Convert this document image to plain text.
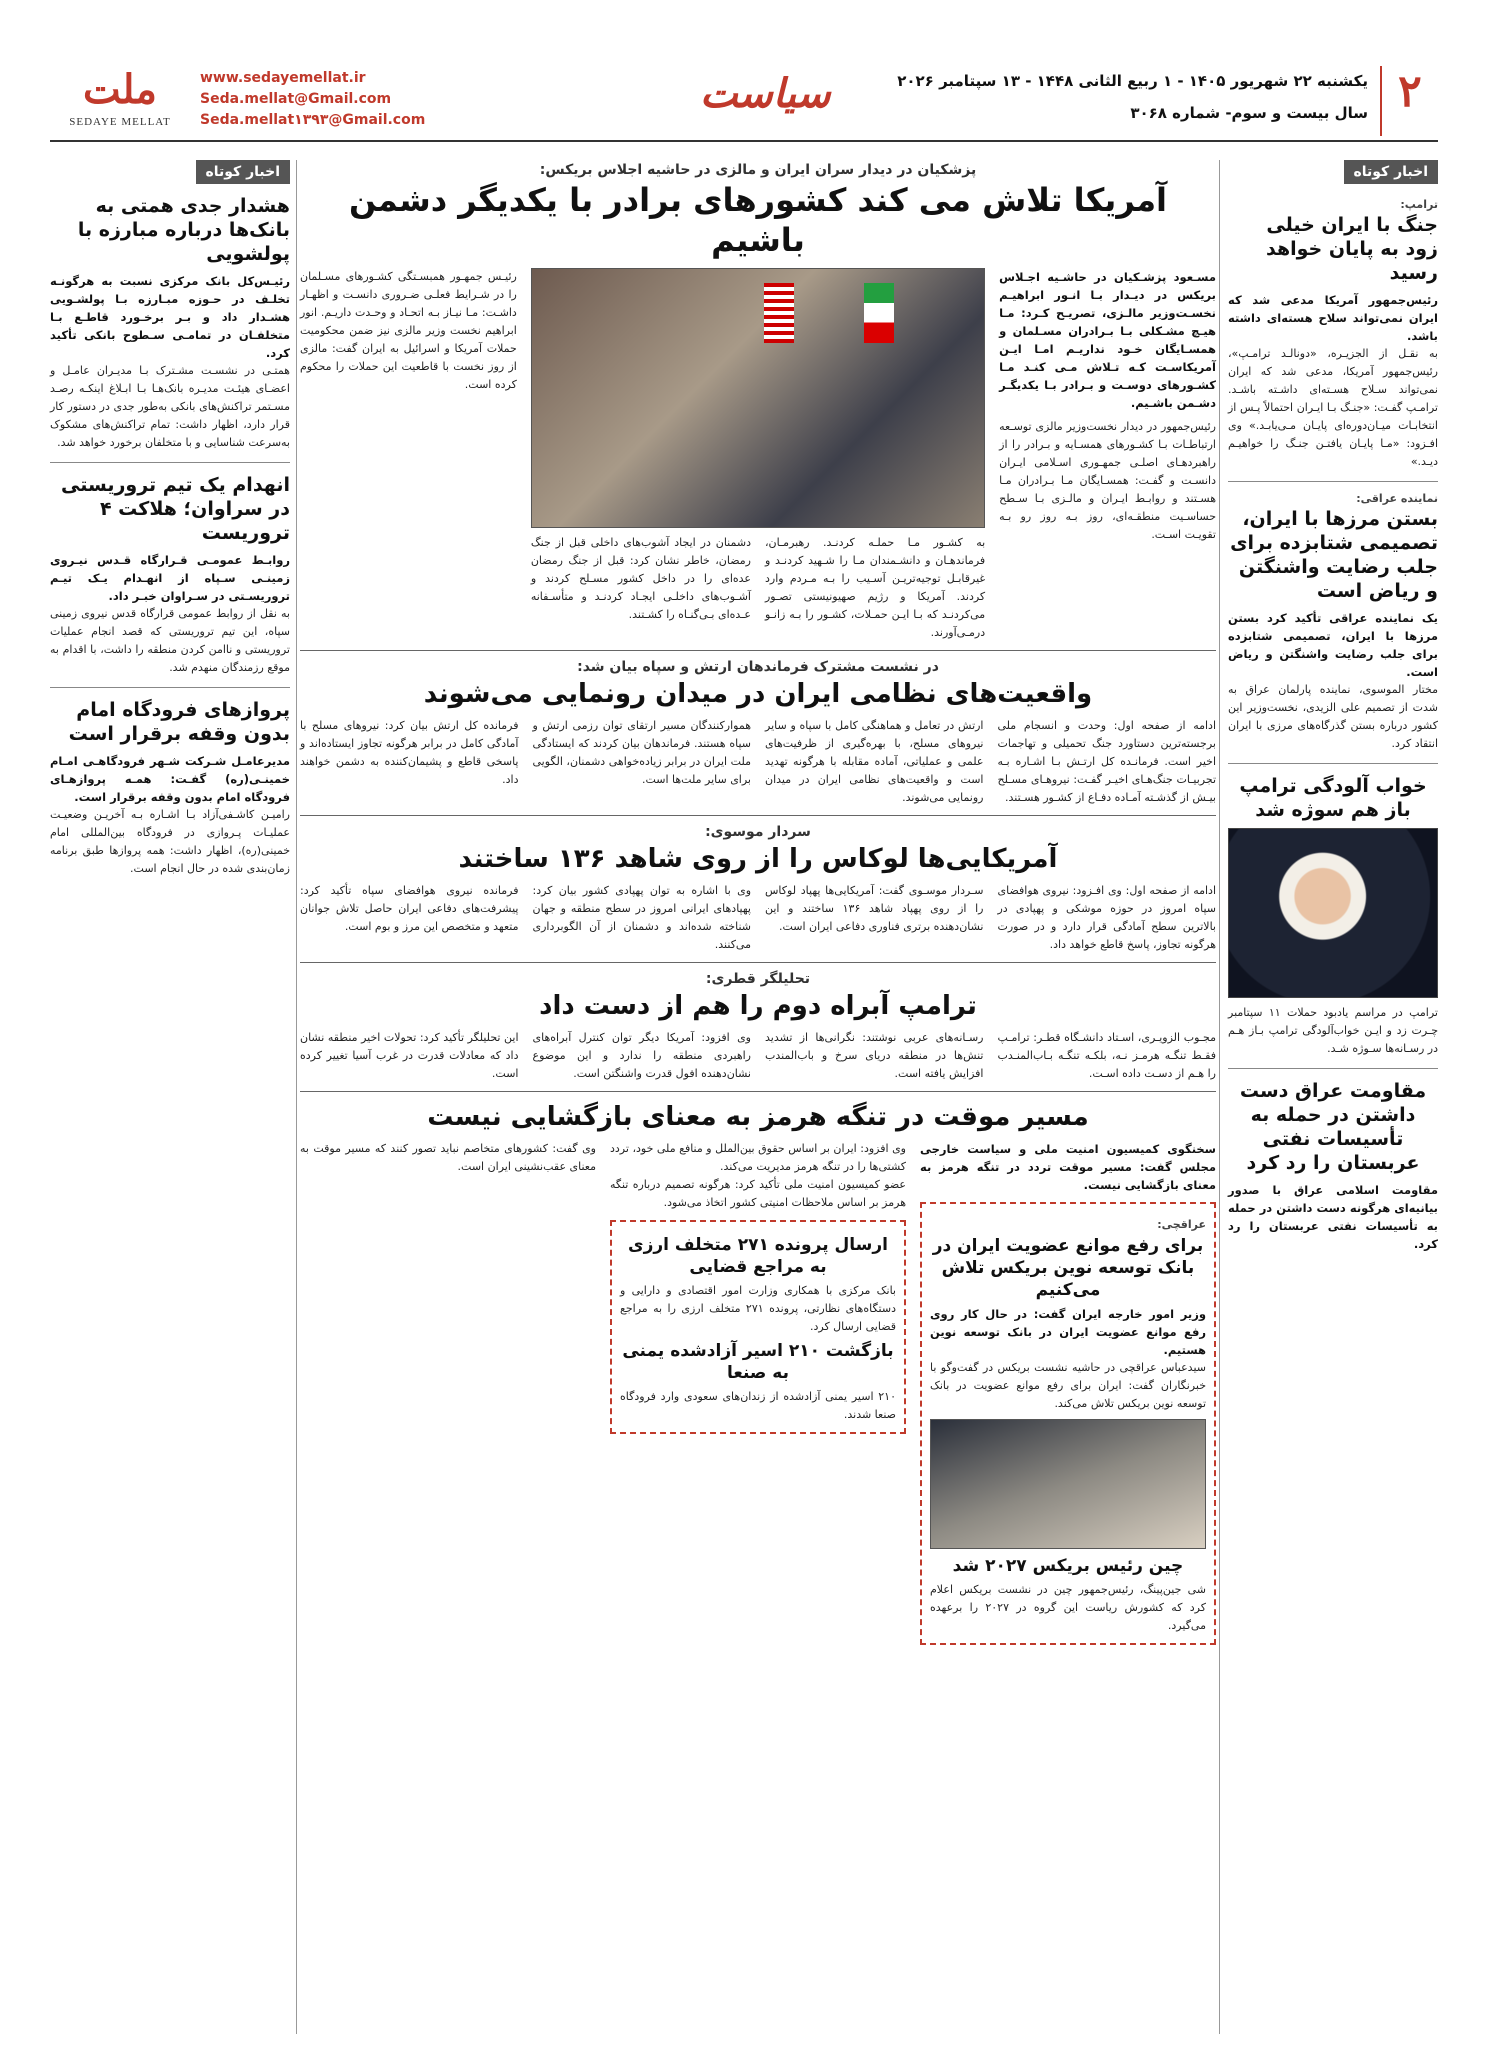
۲
یکشنبه ۲۲ شهریور ۱۴۰۵ - ۱ ربیع الثانی ۱۴۴۸ - ۱۳ سپتامبر ۲۰۲۶
سال بیست و سوم- شماره ۳۰۶۸
سیاست
www.sedayemellat.ir
Seda.mellat@Gmail.com
Seda.mellat۱۳۹۳@Gmail.com
ملت
SEDAYE MELLAT
اخبار کوتاه
ترامپ:
جنگ با ایران خیلی زود به پایان خواهد رسید
رئیس‌جمهور آمریکا مدعی شد که ایران نمی‌تواند سلاح هسته‌ای داشته باشد.
به نقـل از الجزیـره، «دونالـد ترامـپ»، رئیس‌جمهور آمریکا، مدعی شد که ایران نمی‌تواند سـلاح هسـته‌ای داشـته باشـد. ترامـپ گفـت: «جنـگ بـا ایـران احتمالاً پـس از انتخابـات میـان‌دوره‌ای پایـان مـی‌یابـد.» وی افـزود: «مـا پایـان یافتـن جنـگ را خواهیـم دیـد.»
نماینده عراقی:
بستن مرزها با ایران، تصمیمی شتابزده برای جلب رضایت واشنگتن و ریاض است
یک نماینده عراقی تأکید کرد بستن مرزها با ایران، تصمیمی شتابزده برای جلب رضایت واشنگتن و ریاض است.
مختار الموسوی، نماینده پارلمان عراق به شدت از تصمیم علی الزیدی، نخست‌وزیر این کشور درباره بستن گذرگاه‌های مرزی با ایران انتقاد کرد.
خواب آلودگی ترامپ باز هم سوژه شد
ترامپ در مراسم یادبود حملات ۱۱ سپتامبر چـرت زد و ایـن خواب‌آلودگی ترامپ بـاز هـم در رسـانه‌ها سـوژه شـد.
مقاومت عراق دست داشتن در حمله به تأسیسات نفتی عربستان را رد کرد
مقاومت اسلامی عراق با صدور بیانیه‌ای هرگونه دست داشتن در حمله به تأسیسات نفتی عربستان را رد کرد.
اخبار کوتاه
هشدار جدی همتی به بانک‌ها درباره مبارزه با پولشویی
رئیـس‌کل بانک مرکزی نسبت به هرگونـه تخلـف در حـوزه مبـارزه بـا پولشـویی هشـدار داد و بـر برخـورد قاطـع بـا متخلفـان در تمامـی سـطوح بانکی تأکید کرد.
همتـی در نشسـت مشـترک بـا مدیـران عامـل و اعضـای هیئـت مدیـره بانک‌هـا بـا ابـلاغ اینکـه رصـد مسـتمر تراکنش‌های بانکی به‌طور جدی در دستور کار قرار دارد، اظهار داشت: تمام تراکنش‌های مشکوک به‌سرعت شناسایی و با متخلفان برخورد خواهد شد.
انهدام یک تیم تروریستی در سراوان؛ هلاکت ۴ تروریست
روابـط عمومـی قـرارگاه قـدس نیـروی زمینـی سـپاه از انهـدام یـک تیـم تروریسـتی در سـراوان خبـر داد.
به نقل از روابط عمومی قرارگاه قدس نیروی زمینی سپاه، این تیم تروریستی که قصد انجام عملیات تروریستی و ناامن کردن منطقه را داشت، با اقدام به موقع رزمندگان منهدم شد.
پروازهای فرودگاه امام بدون وقفه برقرار است
مدیرعامـل شـرکت شـهر فرودگاهـی امـام خمینـی(ره) گفـت: همـه پروازهـای فرودگاه امام بدون وقفه برقرار است.
رامیـن کاشـفی‌آزاد بـا اشـاره بـه آخریـن وضعیـت عملیـات پـروازی در فرودگاه بین‌المللی امام خمینی(ره)، اظهار داشت: همه پروازها طبق برنامه زمان‌بندی شده در حال انجام است.
پزشکیان در دیدار سران ایران و مالزی در حاشیه اجلاس بریکس:
آمریکا تلاش می کند کشورهای برادر با یکدیگر دشمن باشیم
مسـعود پزشـکیان در حاشـیه اجـلاس بریکس در دیـدار بـا انـور ابراهیـم نخسـت‌وزیر مالـزی، تصریـح کـرد: مـا هیـچ مشـکلی بـا بـرادران مسـلمان و همسـایگان خـود نداریـم امـا ایـن آمریکاسـت کـه تـلاش مـی کنـد مـا کشـورهای دوسـت و بـرادر بـا یکدیگـر دشـمن باشـیم.
رئیس‌جمهور در دیدار نخست‌وزیر مالزی توسـعه ارتباطـات بـا کشـورهای همسـایه و بـرادر را از راهبردهـای اصلـی جمهـوری اسـلامی ایـران دانسـت و گفـت: همسـایگان مـا بـرادران مـا هسـتند و روابـط ایـران و مالـزی بـا سـطح حساسـیت منطقـه‌ای، روز بـه روز رو بـه تقویـت اسـت.
به کشـور مـا حملـه کردنـد. رهبرمـان، فرماندهـان و دانشـمندان مـا را شـهید کردنـد و غیرقابـل توجیه‌تریـن آسـیب را بـه مـردم وارد کردند. آمریکا و رژیم صهیونیستی تصـور می‌کردنـد که بـا ایـن حمـلات، کشـور را بـه زانـو درمـی‌آورند.
دشمنان در ایجاد آشوب‌های داخلی قبل از جنگ رمضان، خاطر نشان کرد: قبل از جنگ رمضان عده‌ای را در داخل کشور مسـلح کردند و آشـوب‌های داخلـی ایجـاد کردنـد و متأسـفانه عـده‌ای بـی‌گنـاه را کشـتند.
رئیـس جمهـور همبسـتگی کشـورهای مسـلمان را در شـرایط فعلـی ضـروری دانسـت و اظهـار داشـت: مـا نیـاز بـه اتحـاد و وحـدت داریـم. انور ابراهیم نخست وزیر مالزی نیز ضمن محکومیت حملات آمریکا و اسرائیل به ایران گفت: مالزی از روز نخست با قاطعیت این حملات را محکوم کرده است.
در نشست مشترک فرماندهان ارتش و سپاه بیان شد:
واقعیت‌های نظامی ایران در میدان رونمایی می‌شوند
ادامه از صفحه اول: وحدت و انسجام ملی برجسته‌ترین دستاورد جنگ تحمیلی و تهاجمات اخیر است. فرمانـده کل ارتـش بـا اشـاره بـه تجربیـات جنگ‌هـای اخیـر گفـت: نیروهـای مسـلح بیـش از گذشـته آمـاده دفـاع از کشـور هسـتند.
ارتش در تعامل و هماهنگی کامل با سپاه و سایر نیروهای مسلح، با بهره‌گیری از ظرفیت‌های علمی و عملیاتی، آماده مقابله با هرگونه تهدید است و واقعیت‌های نظامی ایران در میدان رونمایی می‌شوند.
هموارکنندگان مسیر ارتقای توان رزمی ارتش و سپاه هستند. فرماندهان بیان کردند که ایستادگی ملت ایران در برابر زیاده‌خواهی دشمنان، الگویی برای سایر ملت‌ها است.
فرمانده کل ارتش بیان کرد: نیروهای مسلح با آمادگی کامل در برابر هرگونه تجاوز ایستاده‌اند و پاسخی قاطع و پشیمان‌کننده به دشمن خواهند داد.
سردار موسوی:
آمریکایی‌ها لوکاس را از روی شاهد ۱۳۶ ساختند
ادامه از صفحه اول: وی افـزود: نیروی هوافضای سپاه امروز در حوزه موشکی و پهپادی در بالاترین سطح آمادگی قرار دارد و در صورت هرگونه تجاوز، پاسخ قاطع خواهد داد.
سـردار موسـوی گفت: آمریکایی‌ها پهپاد لوکاس را از روی پهپاد شاهد ۱۳۶ ساختند و این نشان‌دهنده برتری فناوری دفاعی ایران است.
وی با اشاره به توان پهپادی کشور بیان کرد: پهپادهای ایرانی امروز در سطح منطقه و جهان شناخته شده‌اند و دشمنان از آن الگوبرداری می‌کنند.
فرمانده نیروی هوافضای سپاه تأکید کرد: پیشرفت‌های دفاعی ایران حاصل تلاش جوانان متعهد و متخصص این مرز و بوم است.
تحلیلگر قطری:
ترامپ آبراه دوم را هم از دست داد
مجـوب الزویـری، اسـتاد دانشـگاه قطـر: ترامـپ فقـط تنگـه هرمـز نـه، بلکـه تنگـه بـاب‌المنـدب را هـم از دسـت داده اسـت.
رسـانه‌های عربی نوشتند: نگرانی‌ها از تشدید تنش‌ها در منطقه دریای سرخ و باب‌المندب افزایش یافته است.
وی افزود: آمریکا دیگر توان کنترل آبراه‌های راهبردی منطقه را ندارد و این موضوع نشان‌دهنده افول قدرت واشنگتن است.
این تحلیلگر تأکید کرد: تحولات اخیر منطقه نشان داد که معادلات قدرت در غرب آسیا تغییر کرده است.
مسیر موقت در تنگه هرمز به معنای بازگشایی نیست
سخنگوی کمیسیون امنیت ملی و سیاست خارجی مجلس گفت: مسیر موقت تردد در تنگه هرمز به معنای بازگشایی نیست.
عراقچی:
برای رفع موانع عضویت ایران در بانک توسعه نوین بریکس تلاش می‌کنیم
وزیر امور خارجه ایران گفت: در حال کار روی رفع موانع عضویت ایران در بانک توسعه نوین هستیم.
سیدعباس عراقچی در حاشیه نشست بریکس در گفت‌وگو با خبرنگاران گفت: ایران برای رفع موانع عضویت در بانک توسعه نوین بریکس تلاش می‌کند.
چین رئیس بریکس ۲۰۲۷ شد
شی جین‌پینگ، رئیس‌جمهور چین در نشست بریکس اعلام کرد که کشورش ریاست این گروه در ۲۰۲۷ را برعهده می‌گیرد.
وی افزود: ایران بر اساس حقوق بین‌الملل و منافع ملی خود، تردد کشتی‌ها را در تنگه هرمز مدیریت می‌کند.
عضو کمیسیون امنیت ملی تأکید کرد: هرگونه تصمیم درباره تنگه هرمز بر اساس ملاحظات امنیتی کشور اتخاذ می‌شود.
ارسال پرونده ۲۷۱ متخلف ارزی به مراجع قضایی
بانک مرکزی با همکاری وزارت امور اقتصادی و دارایی و دستگاه‌های نظارتی، پرونده ۲۷۱ متخلف ارزی را به مراجع قضایی ارسال کرد.
بازگشت ۲۱۰ اسیر آزادشده یمنی به صنعا
۲۱۰ اسیر یمنی آزادشده از زندان‌های سعودی وارد فرودگاه صنعا شدند.
وی گفت: کشورهای متخاصم نباید تصور کنند که مسیر موقت به معنای عقب‌نشینی ایران است.
